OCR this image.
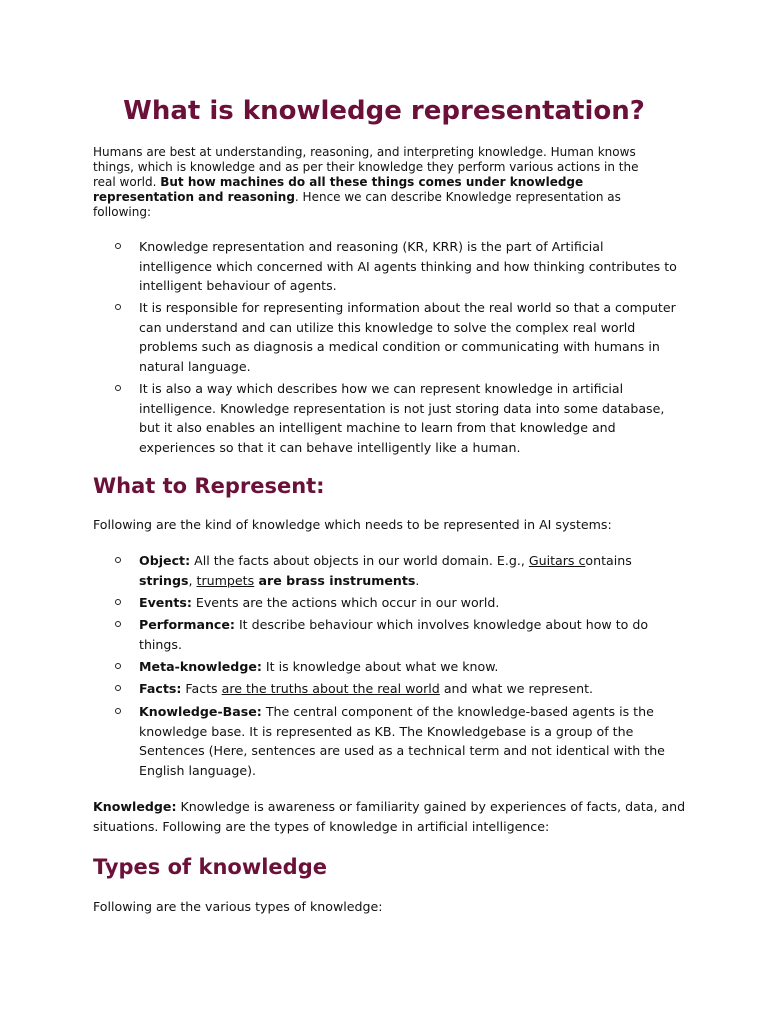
What is knowledge representation?

Humans are best at understanding, reasoning, and interpreting knowledge. Human knows things, which is knowledge and as per their knowledge they perform various actions in the real world. But how machines do all these things comes under knowledge representation and reasoning. Hence we can describe Knowledge representation as following:

Knowledge representation and reasoning (KR, KRR) is the part of Artificial intelligence which concerned with AI agents thinking and how thinking contributes to intelligent behaviour of agents.
It is responsible for representing information about the real world so that a computer can understand and can utilize this knowledge to solve the complex real world problems such as diagnosis a medical condition or communicating with humans in natural language.
It is also a way which describes how we can represent knowledge in artificial intelligence. Knowledge representation is not just storing data into some database, but it also enables an intelligent machine to learn from that knowledge and experiences so that it can behave intelligently like a human.
What to Represent:

Following are the kind of knowledge which needs to be represented in AI systems:

Object: All the facts about objects in our world domain. E.g., Guitars contains strings, trumpets are brass instruments.
Events: Events are the actions which occur in our world.
Performance: It describe behaviour which involves knowledge about how to do things.
Meta-knowledge: It is knowledge about what we know.
Facts: Facts are the truths about the real world and what we represent.
Knowledge-Base: The central component of the knowledge-based agents is the knowledge base. It is represented as KB. The Knowledgebase is a group of the Sentences (Here, sentences are used as a technical term and not identical with the English language).

Knowledge: Knowledge is awareness or familiarity gained by experiences of facts, data, and situations. Following are the types of knowledge in artificial intelligence:

Types of knowledge

Following are the various types of knowledge:
